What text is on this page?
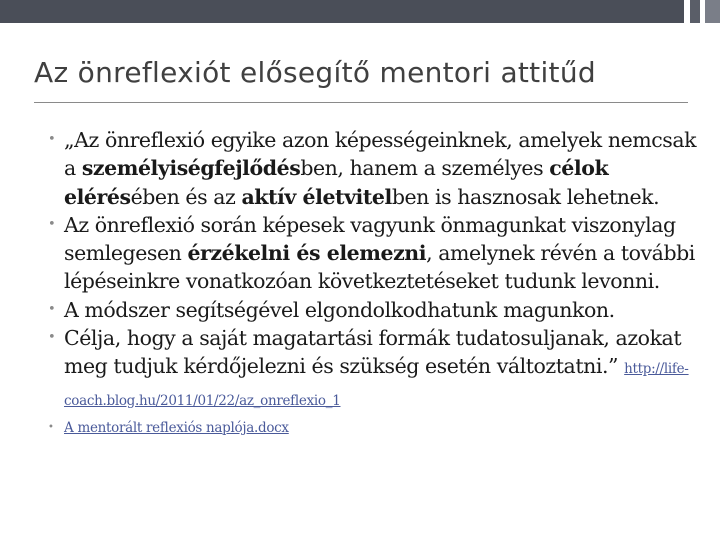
Az önreflexiót elősegítő mentori attitűd
• „Az önreflexió egyike azon képességeinknek, amelyek nemcsak a személyiségfejlődésben, hanem a személyes célok elérésében és az aktív életvitelben is hasznosak lehetnek.
• Az önreflexió során képesek vagyunk önmagunkat viszonylag semlegesen érzékelni és elemezni, amelynek révén a további lépéseinkre vonatkozóan következtetéseket tudunk levonni.
• A módszer segítségével elgondolkodhatunk magunkon.
• Célja, hogy a saját magatartási formák tudatosuljanak, azokat meg tudjuk kérdőjelezni és szükség esetén változtatni.” http://life-coach.blog.hu/2011/01/22/az_onreflexio_1
• A mentorált reflexiós naplója.docx
